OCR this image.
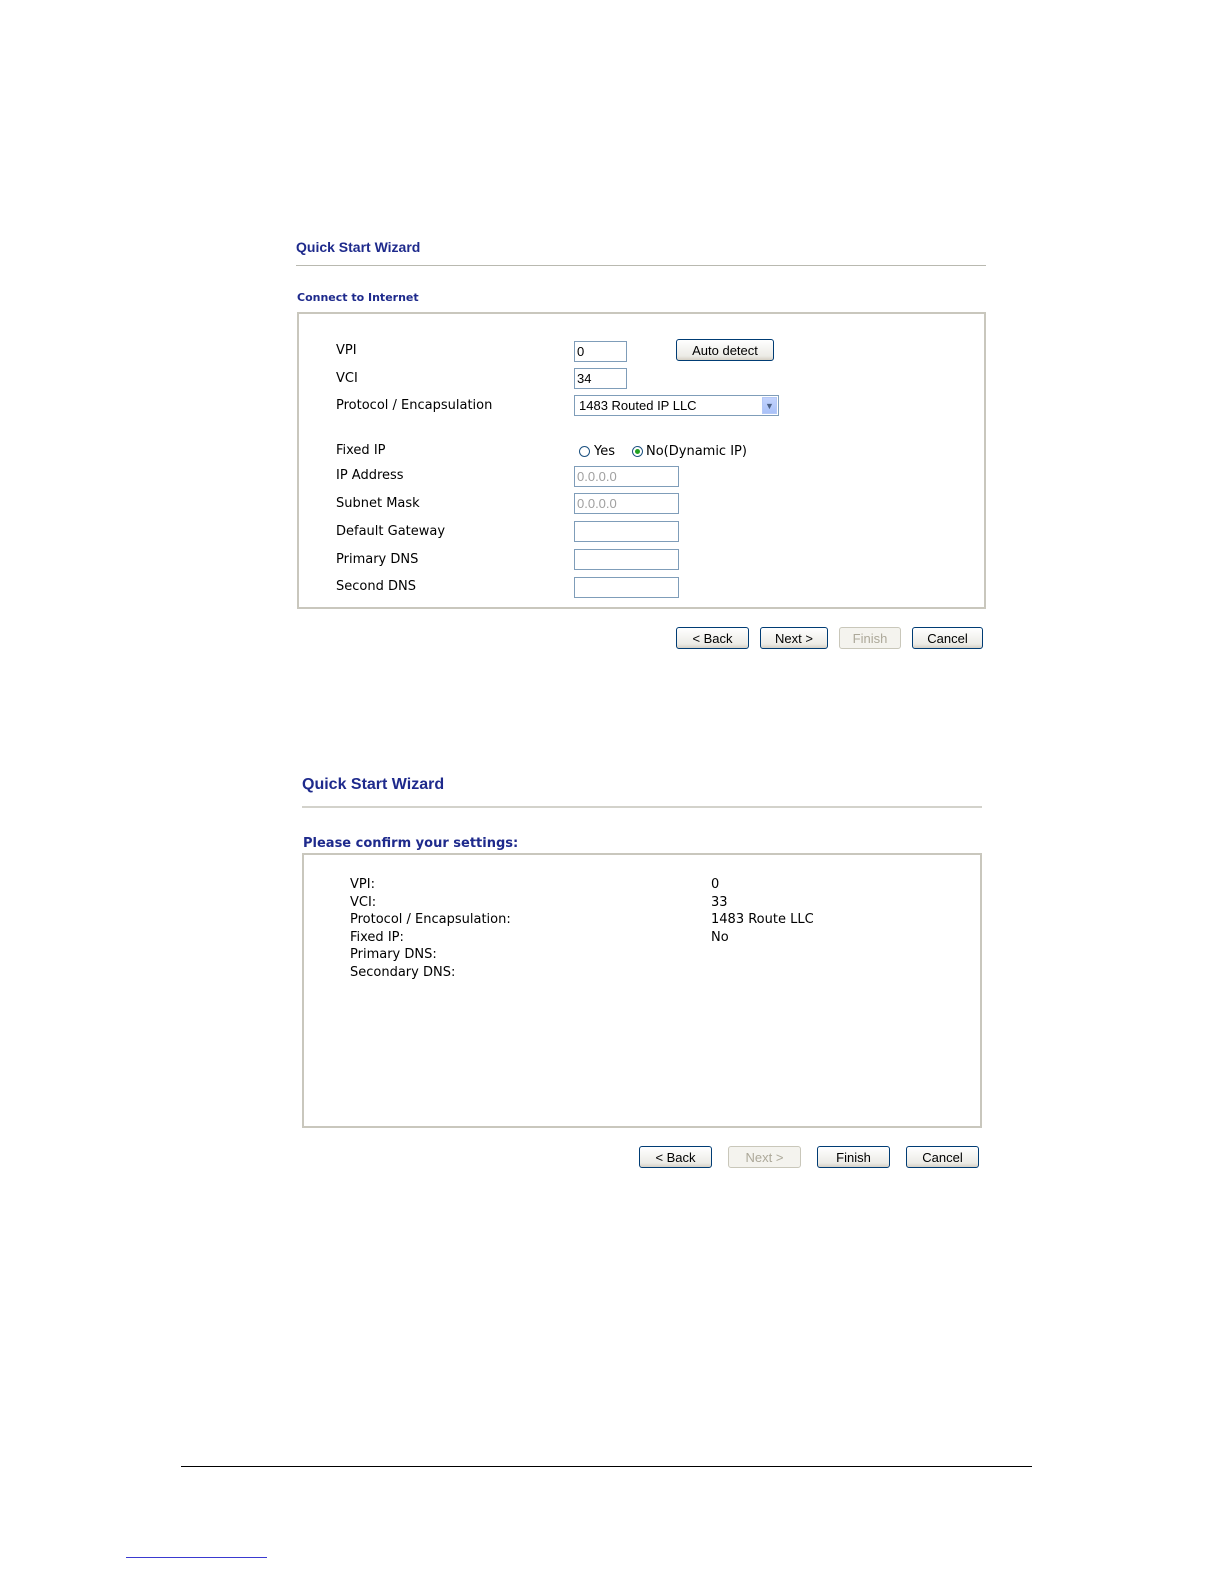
Quick Start Wizard
Connect to Internet
VPI	0	Auto detect
VCI	34
Protocol / Encapsulation	1483 Routed IP LLC	▼
Fixed IP	Yes No(Dynamic IP)
IP Address	0.0.0.0
Subnet Mask	0.0.0.0
Default Gateway
Primary DNS
Second DNS
< Back	Next >	Finish	Cancel
Quick Start Wizard
Please confirm your settings:
VPI:	0
VCI:	33
Protocol / Encapsulation:	1483 Route LLC
Fixed IP:	No
Primary DNS:
Secondary DNS:
< Back	Next >	Finish	Cancel
